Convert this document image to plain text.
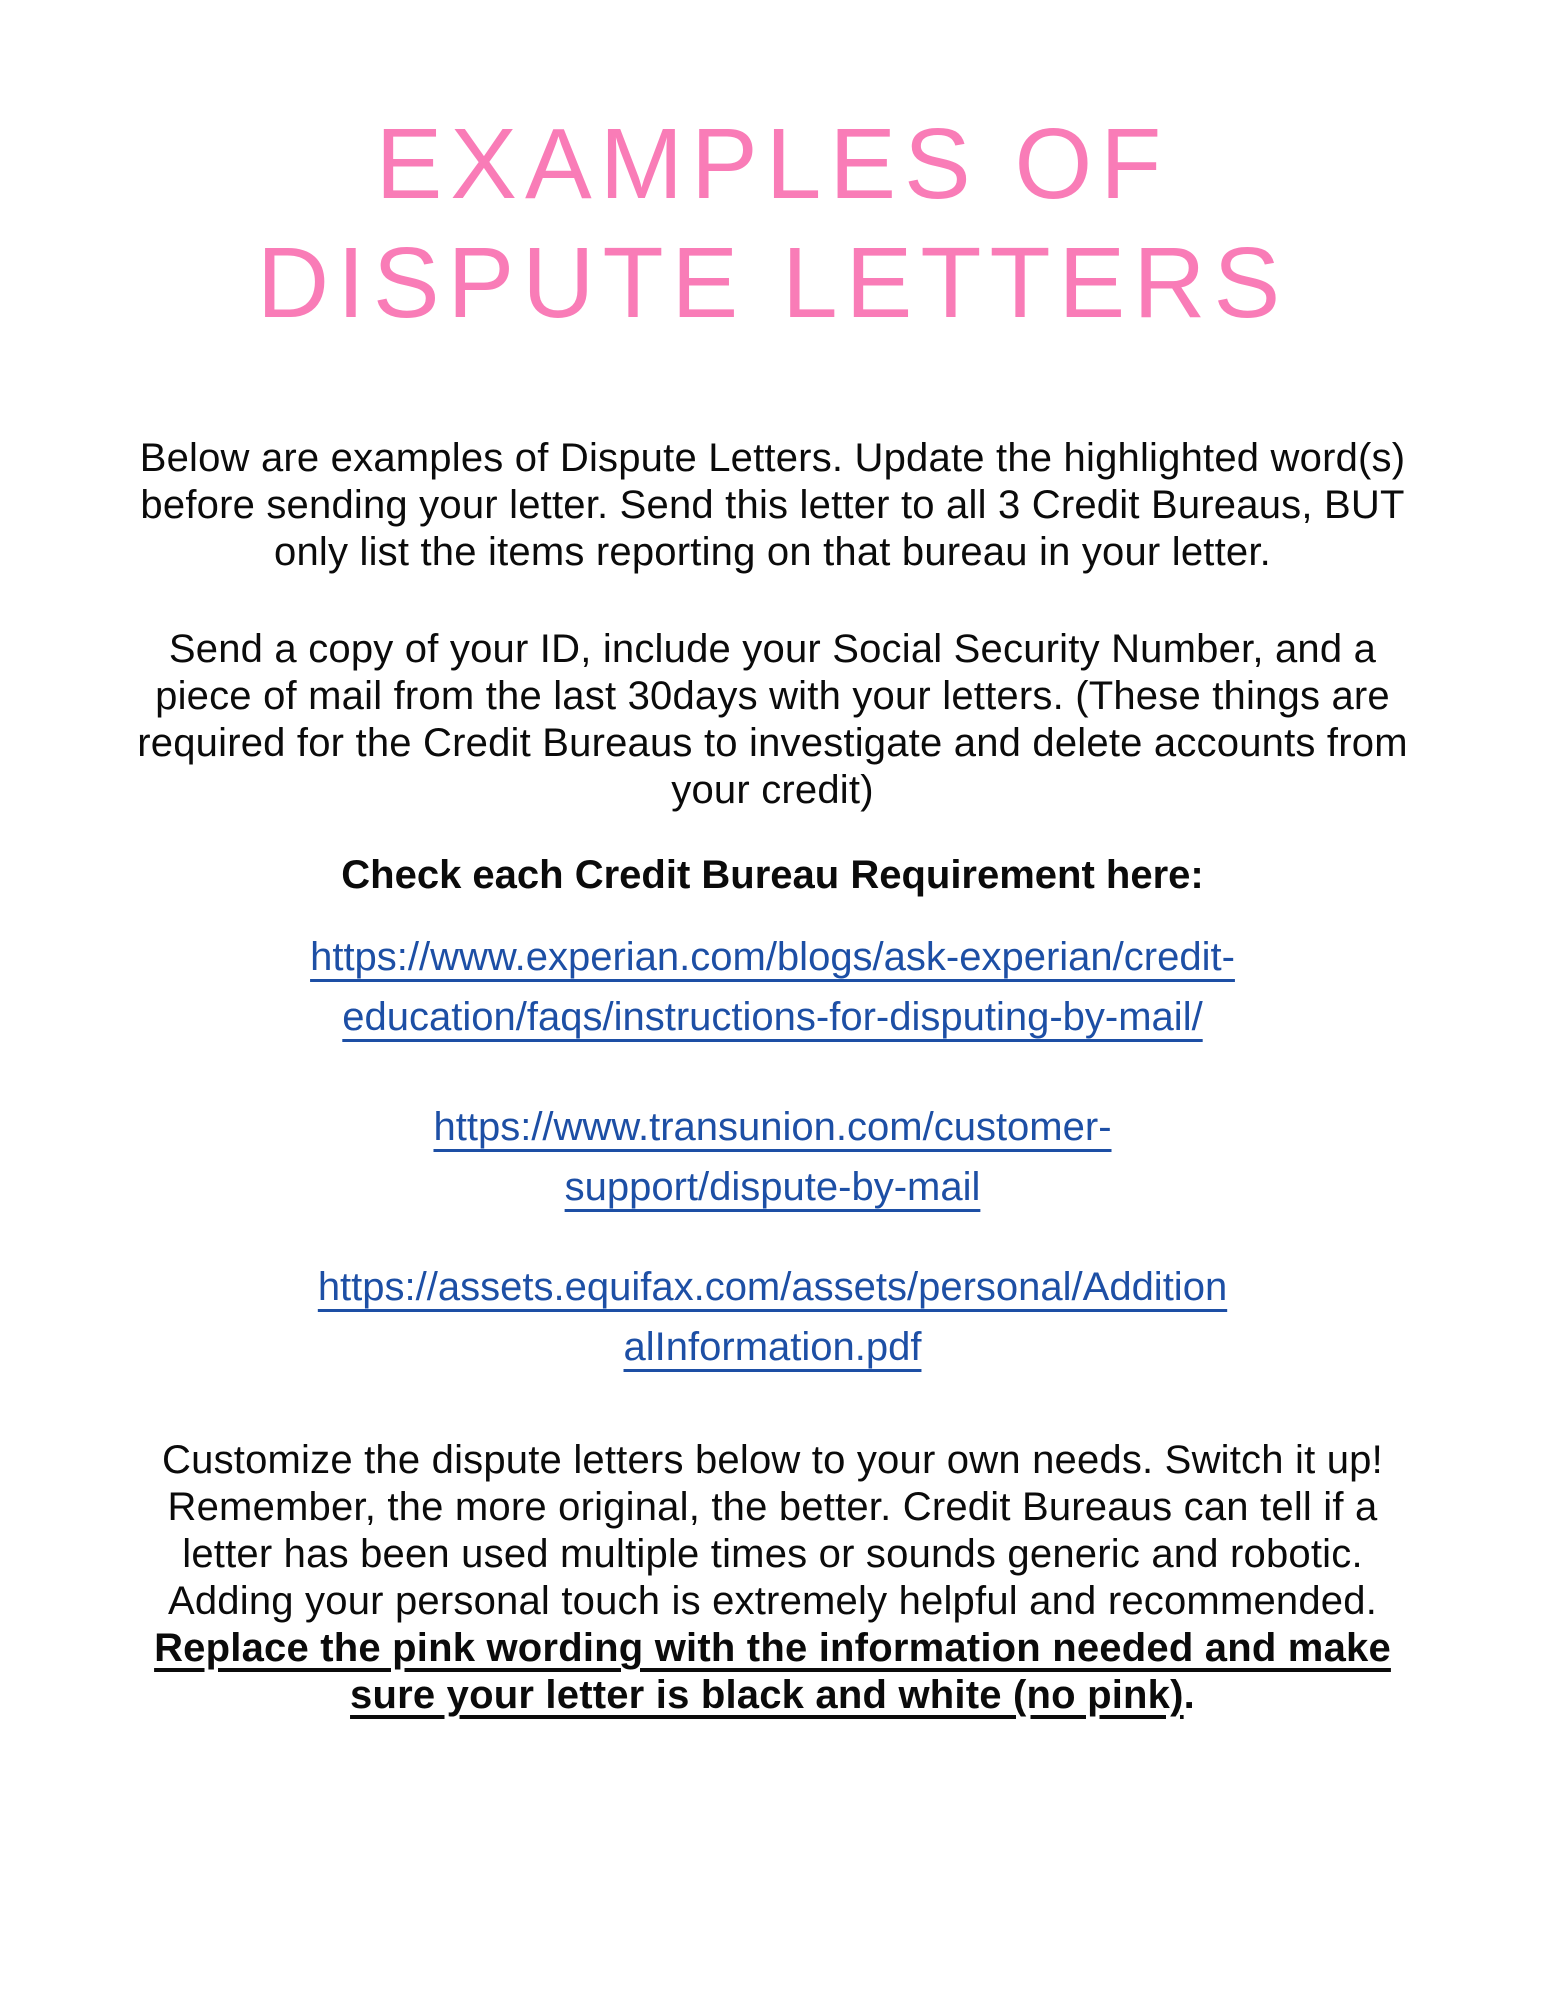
EXAMPLES OF
DISPUTE LETTERS

Below are examples of Dispute Letters. Update the highlighted word(s) before sending your letter. Send this letter to all 3 Credit Bureaus, BUT only list the items reporting on that bureau in your letter.

Send a copy of your ID, include your Social Security Number, and a piece of mail from the last 30days with your letters. (These things are required for the Credit Bureaus to investigate and delete accounts from your credit)

Check each Credit Bureau Requirement here:
https://www.experian.com/blogs/ask-experian/credit-
education/faqs/instructions-for-disputing-by-mail/
https://www.transunion.com/customer-
support/dispute-by-mail
https://assets.equifax.com/assets/personal/Addition
alInformation.pdf

Customize the dispute letters below to your own needs. Switch it up! Remember, the more original, the better. Credit Bureaus can tell if a letter has been used multiple times or sounds generic and robotic. Adding your personal touch is extremely helpful and recommended.
Replace the pink wording with the information needed and make sure your letter is black and white (no pink).
